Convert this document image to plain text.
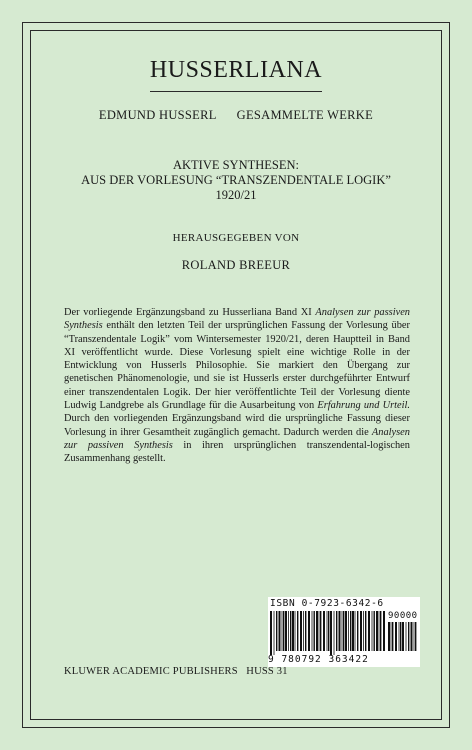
HUSSERLIANA
EDMUND HUSSERL GESAMMELTE WERKE
AKTIVE SYNTHESEN:
AUS DER VORLESUNG “TRANSZENDENTALE LOGIK”
1920/21
HERAUSGEGEBEN VON
ROLAND BREEUR

Der vorliegende Ergänzungsband zu Husserliana Band XI Analysen zur passiven Synthesis enthält den letzten Teil der ursprünglichen Fassung der Vorlesung über “Transzendentale Logik” vom Wintersemester 1920/21, deren Hauptteil in Band XI veröffentlicht wurde. Diese Vorlesung spielt eine wichtige Rolle in der Entwicklung von Husserls Philosophie. Sie markiert den Übergang zur genetischen Phänomenologie, und sie ist Husserls erster durchgeführter Entwurf einer transzendentalen Logik. Der hier veröffentlichte Teil der Vorlesung diente Ludwig Landgrebe als Grundlage für die Ausarbeitung von Erfahrung und Urteil. Durch den vorliegenden Ergänzungsband wird die ursprüngliche Fassung dieser Vorlesung in ihrer Gesamtheit zugänglich gemacht. Dadurch werden die Analysen zur passiven Synthesis in ihren ursprünglichen transzendental-logischen Zusammenhang gestellt.

ISBN 0-7923-6342-6
90000
9 780792 363422
KLUWER ACADEMIC PUBLISHERS HUSS 31
